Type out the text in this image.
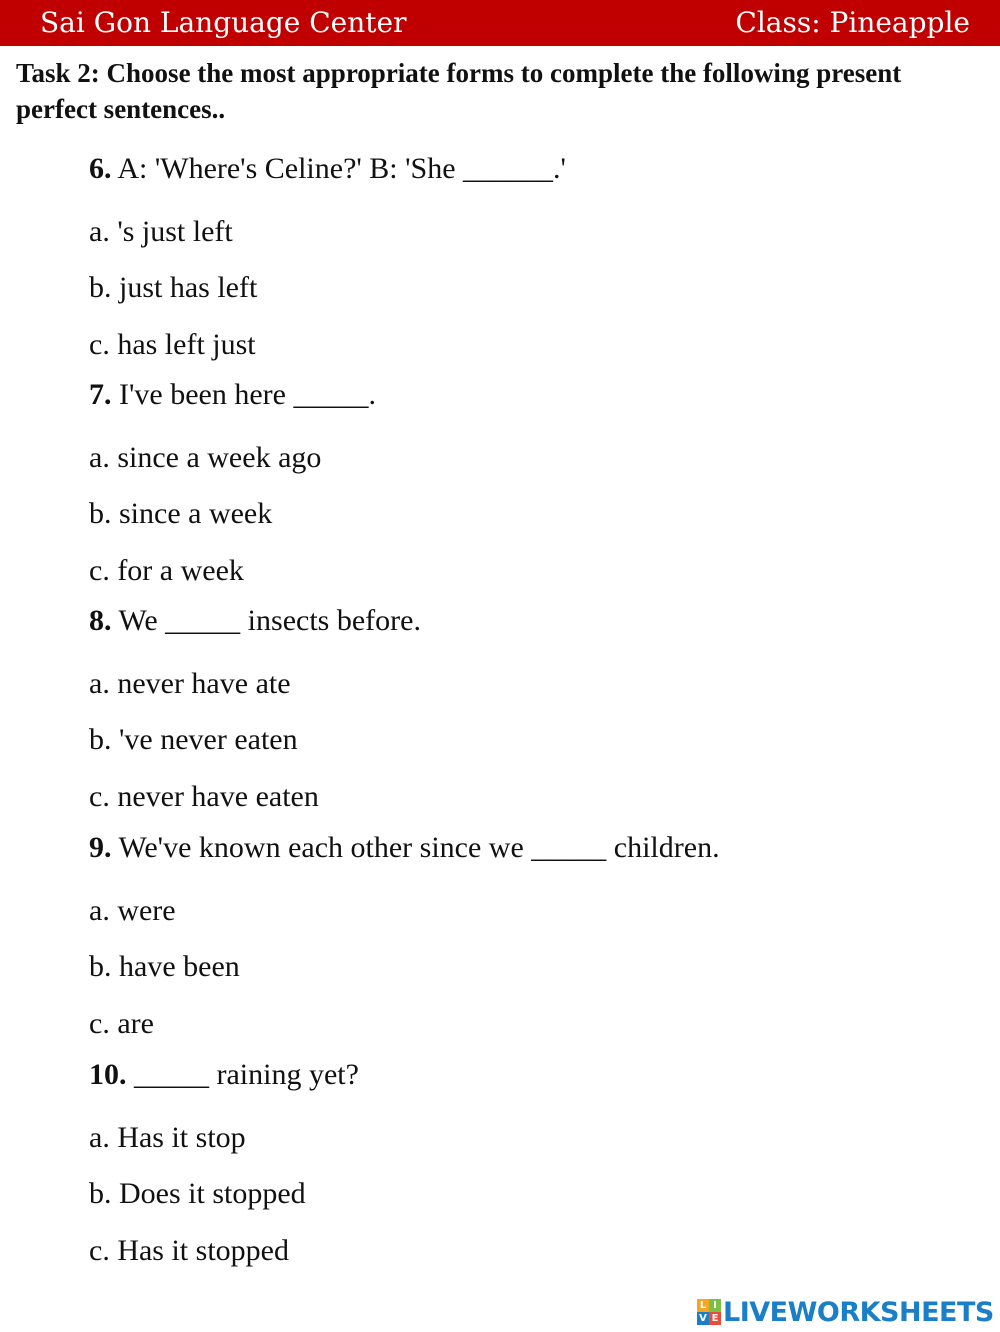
Sai Gon Language Center	Class: Pineapple
Task 2: Choose the most appropriate forms to complete the following present perfect sentences..
6. A: 'Where's Celine?' B: 'She ______.'
a. 's just left
b. just has left
c. has left just
7. I've been here _____.
a. since a week ago
b. since a week
c. for a week
8. We _____ insects before.
a. never have ate
b. 've never eaten
c. never have eaten
9. We've known each other since we _____ children.
a. were
b. have been
c. are
10. _____ raining yet?
a. Has it stop
b. Does it stopped
c. Has it stopped
L I
V E LIVEWORKSHEETS
